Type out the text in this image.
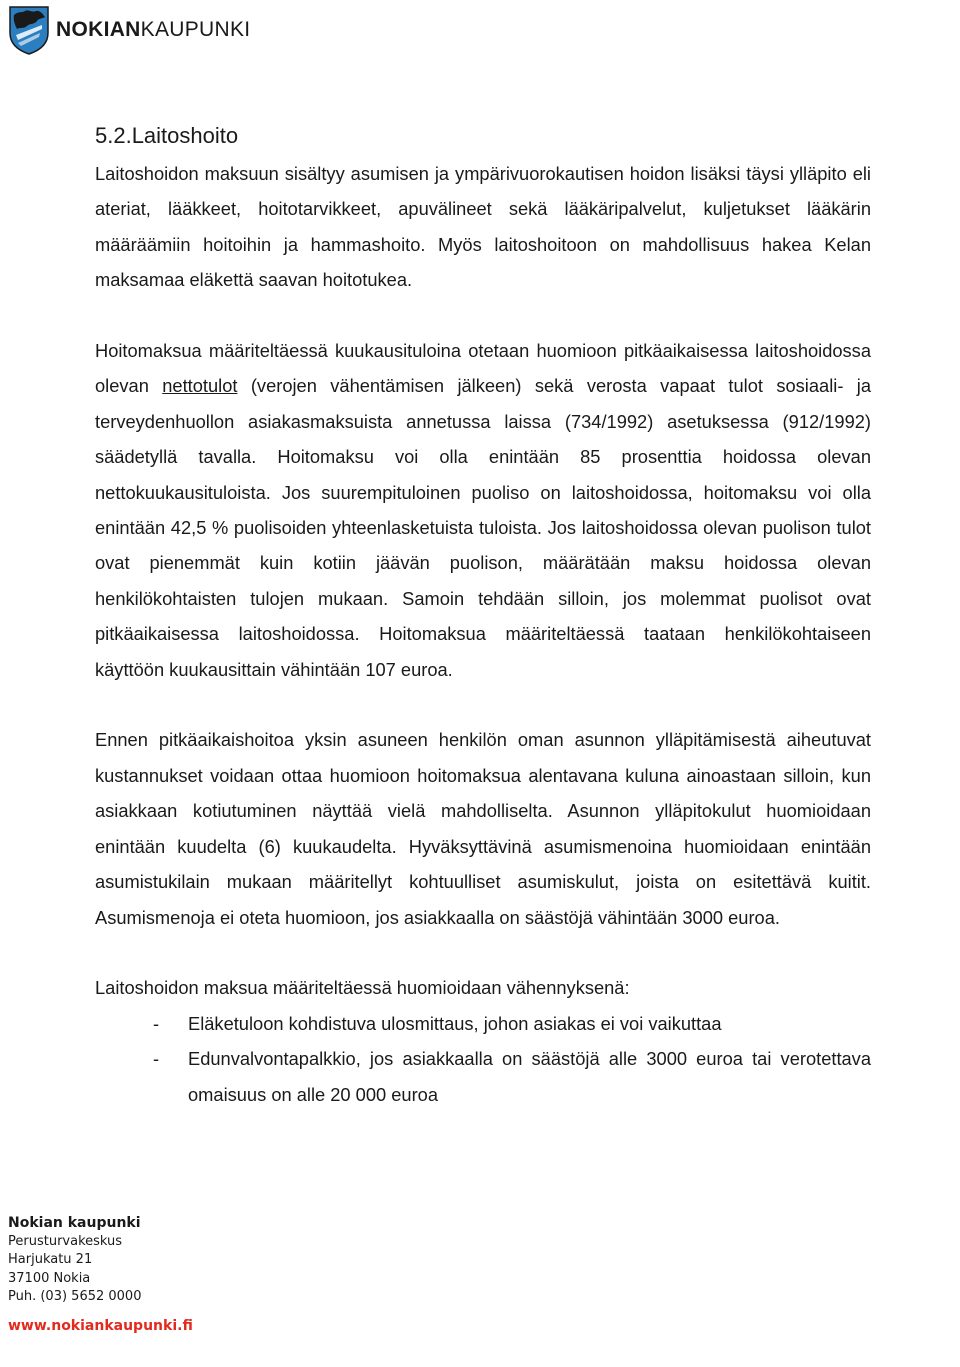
NOKIANKAUPUNKI
5.2.Laitoshoito

Laitoshoidon maksuun sisältyy asumisen ja ympärivuorokautisen hoidon lisäksi täysi ylläpito eli ateriat, lääkkeet, hoitotarvikkeet, apuvälineet sekä lääkäripalvelut, kuljetukset lääkärin määräämiin hoitoihin ja hammashoito. Myös laitoshoitoon on mahdollisuus hakea Kelan maksamaa eläkettä saavan hoitotukea.

Hoitomaksua määriteltäessä kuukausituloina otetaan huomioon pitkäaikaisessa laitoshoidossa olevan nettotulot (verojen vähentämisen jälkeen) sekä verosta vapaat tulot sosiaali- ja terveydenhuollon asiakasmaksuista annetussa laissa (734/1992) asetuksessa (912/1992) säädetyllä tavalla. Hoitomaksu voi olla enintään 85 prosenttia hoidossa olevan nettokuukausituloista. Jos suurempituloinen puoliso on laitoshoidossa, hoitomaksu voi olla enintään 42,5 % puolisoiden yhteenlasketuista tuloista. Jos laitoshoidossa olevan puolison tulot ovat pienemmät kuin kotiin jäävän puolison, määrätään maksu hoidossa olevan henkilökohtaisten tulojen mukaan. Samoin tehdään silloin, jos molemmat puolisot ovat pitkäaikaisessa laitoshoidossa. Hoitomaksua määriteltäessä taataan henkilökohtaiseen käyttöön kuukausittain vähintään 107 euroa.

Ennen pitkäaikaishoitoa yksin asuneen henkilön oman asunnon ylläpitämisestä aiheutuvat kustannukset voidaan ottaa huomioon hoitomaksua alentavana kuluna ainoastaan silloin, kun asiakkaan kotiutuminen näyttää vielä mahdolliselta. Asunnon ylläpitokulut huomioidaan enintään kuudelta (6) kuukaudelta. Hyväksyttävinä asumismenoina huomioidaan enintään asumistukilain mukaan määritellyt kohtuulliset asumiskulut, joista on esitettävä kuitit. Asumismenoja ei oteta huomioon, jos asiakkaalla on säästöjä vähintään 3000 euroa.

Laitoshoidon maksua määriteltäessä huomioidaan vähennyksenä:
- Eläketuloon kohdistuva ulosmittaus, johon asiakas ei voi vaikuttaa
- Edunvalvontapalkkio, jos asiakkaalla on säästöjä alle 3000 euroa tai verotettava omaisuus on alle 20 000 euroa
Nokian kaupunki
Perusturvakeskus
Harjukatu 21
37100 Nokia
Puh. (03) 5652 0000
www.nokiankaupunki.fi
